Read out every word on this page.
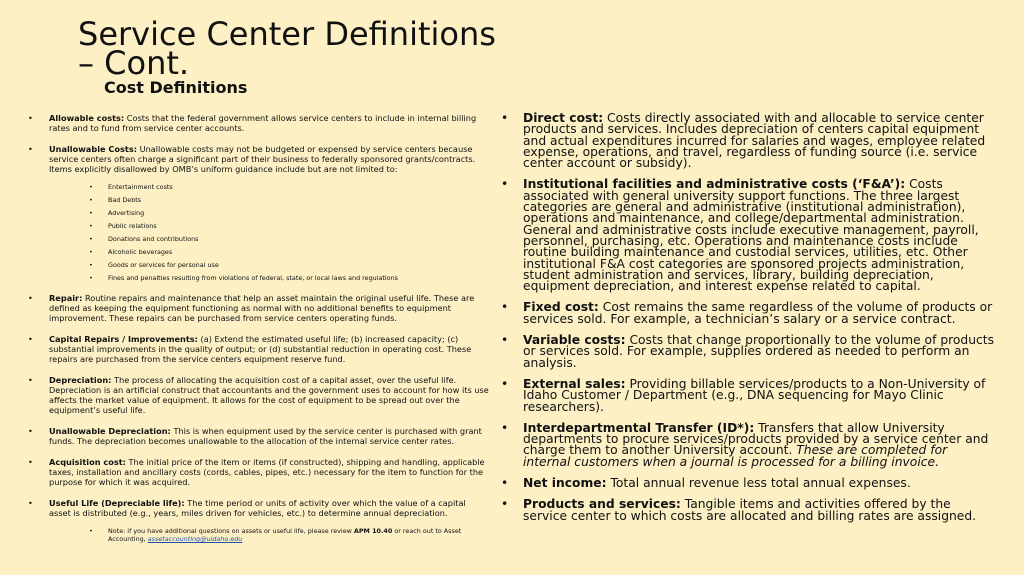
Service Center Definitions – Cont.
Cost Definitions
• Allowable costs: Costs that the federal government allows service centers to include in internal billing rates and to fund from service center accounts.
• Unallowable Costs: Unallowable costs may not be budgeted or expensed by service centers because service centers often charge a significant part of their business to federally sponsored grants/contracts. Items explicitly disallowed by OMB’s uniform guidance include but are not limited to:
• Entertainment costs
• Bad Debts
• Advertising
• Public relations
• Donations and contributions
• Alcoholic beverages
• Goods or services for personal use
• Fines and penalties resulting from violations of federal, state, or local laws and regulations
• Repair: Routine repairs and maintenance that help an asset maintain the original useful life. These are defined as keeping the equipment functioning as normal with no additional benefits to equipment improvement. These repairs can be purchased from service centers operating funds.
• Capital Repairs / Improvements: (a) Extend the estimated useful life; (b) increased capacity; (c) substantial improvements in the quality of output; or (d) substantial reduction in operating cost. These repairs are purchased from the service centers equipment reserve fund.
• Depreciation: The process of allocating the acquisition cost of a capital asset, over the useful life. Depreciation is an artificial construct that accountants and the government uses to account for how its use affects the market value of equipment. It allows for the cost of equipment to be spread out over the equipment’s useful life.
• Unallowable Depreciation: This is when equipment used by the service center is purchased with grant funds. The depreciation becomes unallowable to the allocation of the internal service center rates.
• Acquisition cost: The initial price of the item or items (if constructed), shipping and handling, applicable taxes, installation and ancillary costs (cords, cables, pipes, etc.) necessary for the item to function for the purpose for which it was acquired.
• Useful Life (Depreciable life): The time period or units of activity over which the value of a capital asset is distributed (e.g., years, miles driven for vehicles, etc.) to determine annual depreciation.
• Note: if you have additional questions on assets or useful life, please review APM 10.40 or reach out to Asset Accounting, assetaccounting@uidaho.edu
• Direct cost: Costs directly associated with and allocable to service center products and services. Includes depreciation of centers capital equipment and actual expenditures incurred for salaries and wages, employee related expense, operations, and travel, regardless of funding source (i.e. service center account or subsidy).
• Institutional facilities and administrative costs (‘F&A’): Costs associated with general university support functions. The three largest categories are general and administrative (institutional administration), operations and maintenance, and college/departmental administration. General and administrative costs include executive management, payroll, personnel, purchasing, etc. Operations and maintenance costs include routine building maintenance and custodial services, utilities, etc. Other institutional F&A cost categories are sponsored projects administration, student administration and services, library, building depreciation, equipment depreciation, and interest expense related to capital.
• Fixed cost: Cost remains the same regardless of the volume of products or services sold. For example, a technician’s salary or a service contract.
• Variable costs: Costs that change proportionally to the volume of products or services sold. For example, supplies ordered as needed to perform an analysis.
• External sales: Providing billable services/products to a Non-University of Idaho Customer / Department (e.g., DNA sequencing for Mayo Clinic researchers).
• Interdepartmental Transfer (ID*): Transfers that allow University departments to procure services/products provided by a service center and charge them to another University account. These are completed for internal customers when a journal is processed for a billing invoice.
• Net income: Total annual revenue less total annual expenses.
• Products and services: Tangible items and activities offered by the service center to which costs are allocated and billing rates are assigned.
